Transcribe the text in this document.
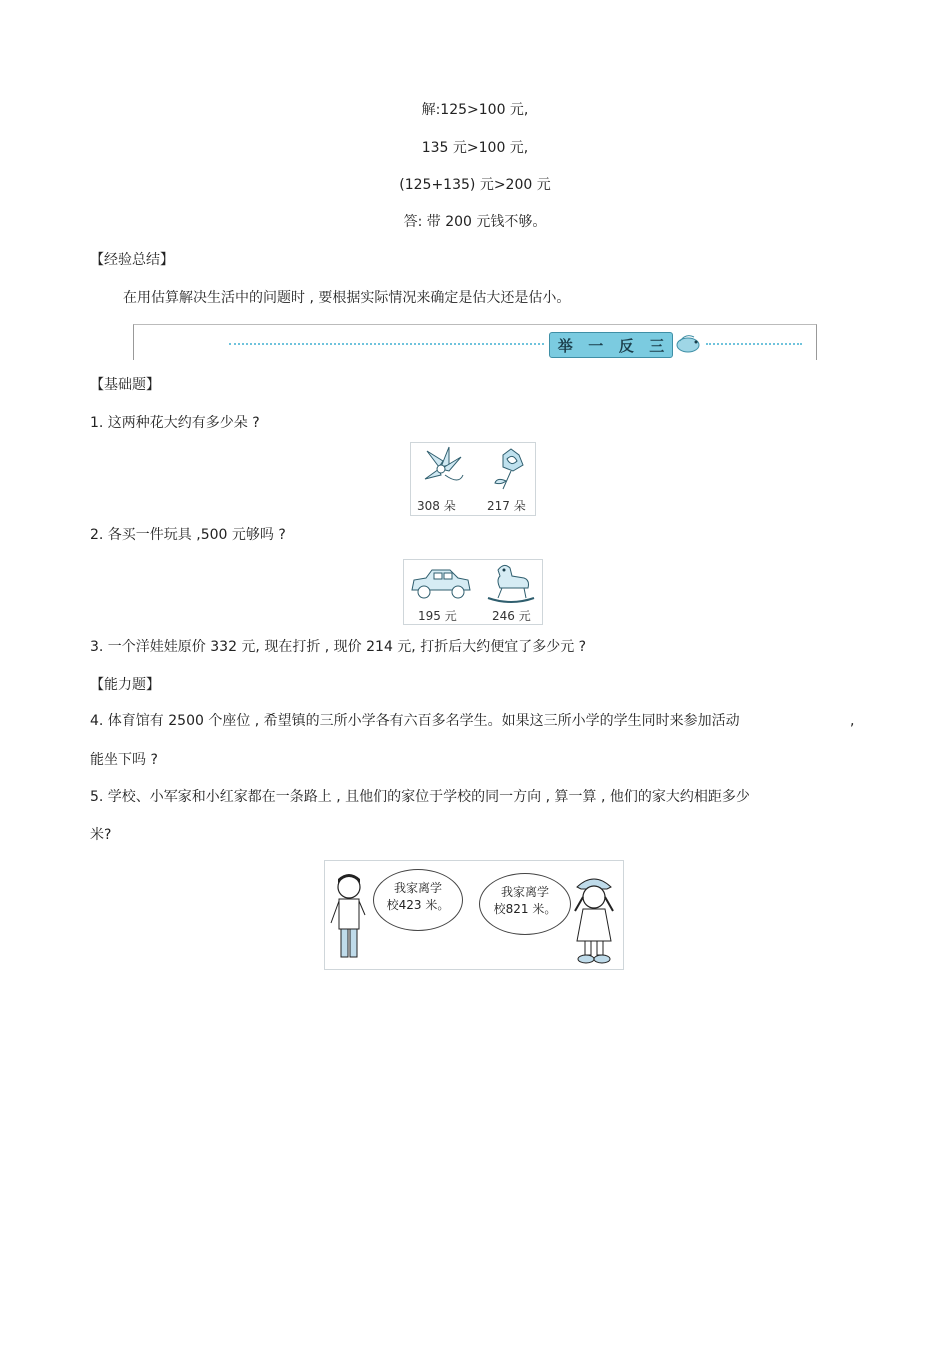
解:125>100 元,
135 元>100 元,
(125+135) 元>200 元
答: 带 200 元钱不够。
【经验总结】
在用估算解决生活中的问题时 , 要根据实际情况来确定是估大还是估小。
举 一 反 三
【基础题】
1. 这两种花大约有多少朵 ?
308 朵	217 朵
2. 各买一件玩具 ,500 元够吗 ?
195 元	246 元
3. 一个洋娃娃原价 332 元, 现在打折 , 现价 214 元, 打折后大约便宜了多少元 ?
【能力题】
4. 体育馆有 2500 个座位 , 希望镇的三所小学各有六百多名学生。如果这三所小学的学生同时来参加活动	,
能坐下吗 ?
5. 学校、小军家和小红家都在一条路上 , 且他们的家位于学校的同一方向 , 算一算 , 他们的家大约相距多少
米?
我家离学
校423 米。
我家离学
校821 米。
